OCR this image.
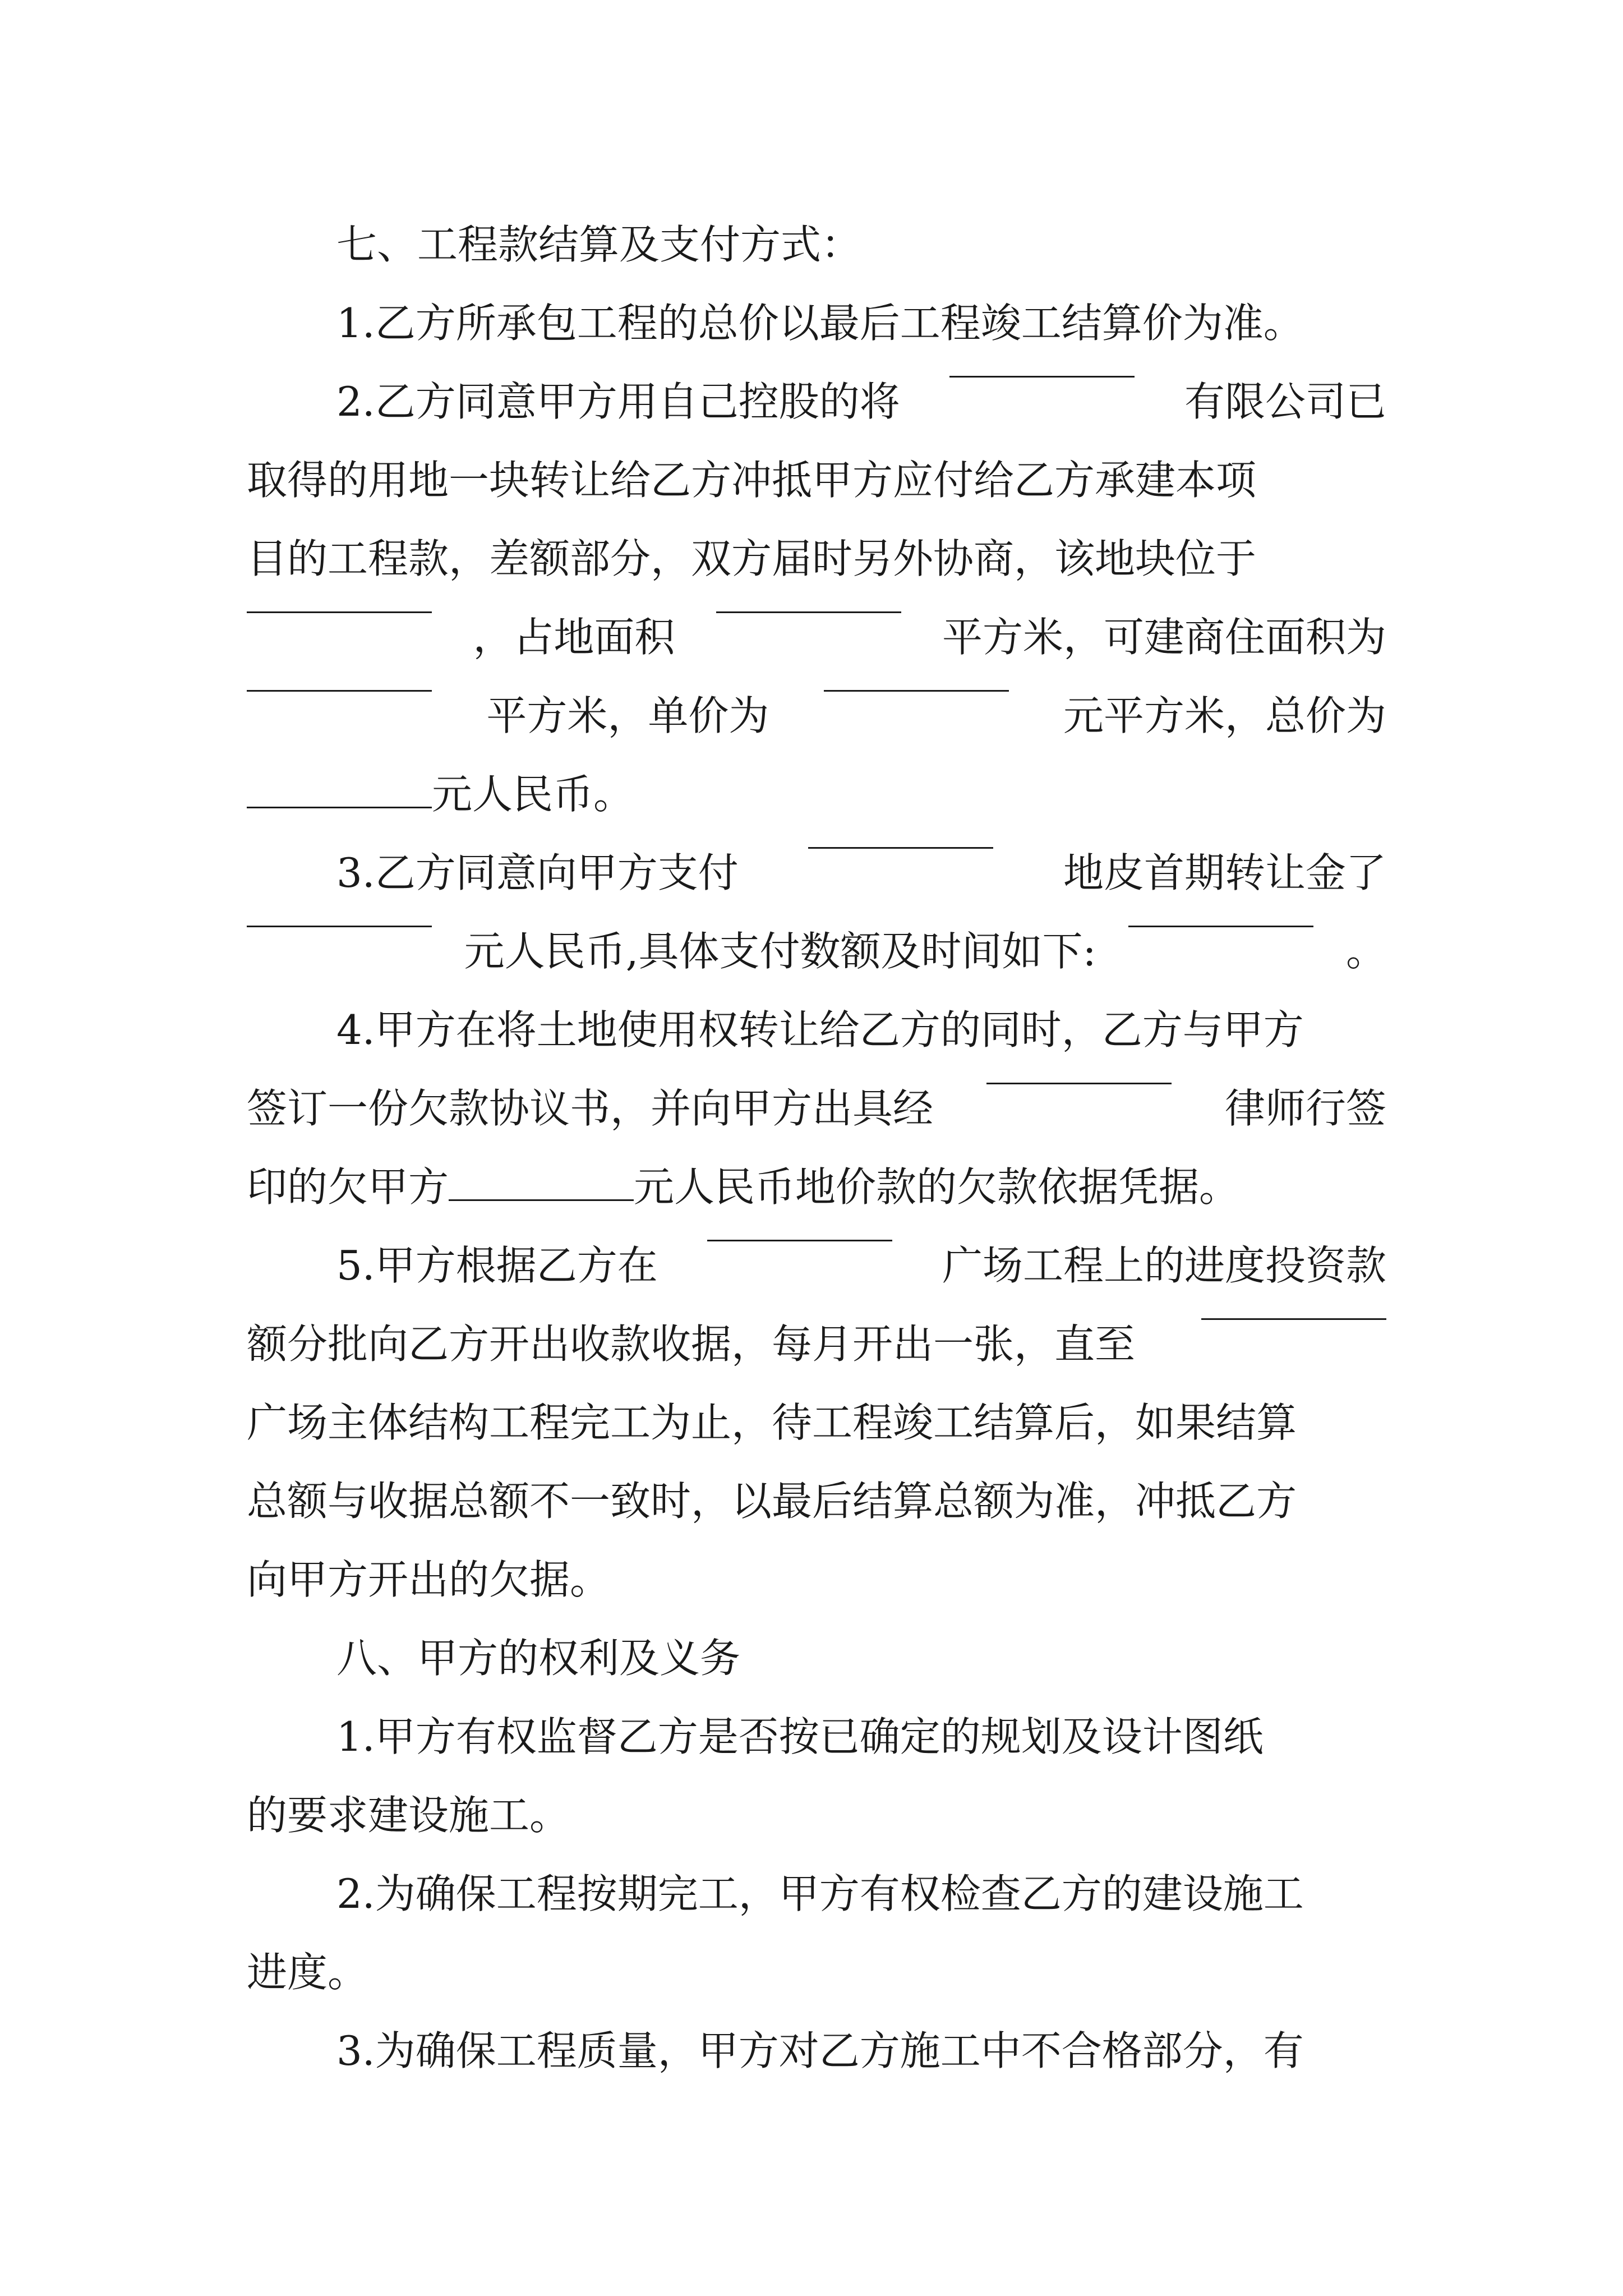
七、工程款结算及支付方式：
1.乙方所承包工程的总价以最后工程竣工结算价为准。
2.乙方同意甲方用自己控股的将	有限公司已
取得的用地一块转让给乙方冲抵甲方应付给乙方承建本项
目的工程款，差额部分，双方届时另外协商，该地块位于
，占地面积	平方米，可建商住面积为
平方米，单价为	元平方米，总价为
元人民币。
3.乙方同意向甲方支付	地皮首期转让金了
元人民币,具体支付数额及时间如下:	。
4.甲方在将土地使用权转让给乙方的同时，乙方与甲方
签订一份欠款协议书，并向甲方出具经	律师行签
印的欠甲方	元人民币地价款的欠款依据凭据。
5.甲方根据乙方在	广场工程上的进度投资款
额分批向乙方开出收款收据，每月开出一张，直至
广场主体结构工程完工为止，待工程竣工结算后，如果结算
总额与收据总额不一致时，以最后结算总额为准，冲抵乙方
向甲方开出的欠据。
八、甲方的权利及义务
1.甲方有权监督乙方是否按已确定的规划及设计图纸
的要求建设施工。
2.为确保工程按期完工，甲方有权检查乙方的建设施工
进度。
3.为确保工程质量，甲方对乙方施工中不合格部分，有
